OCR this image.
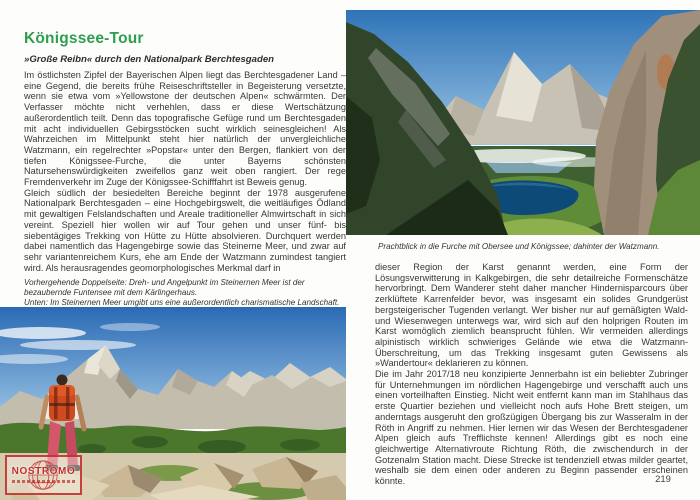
Königssee-Tour
»Große Reibn« durch den Nationalpark Berchtesgaden

Im östlichsten Zipfel der Bayerischen Alpen liegt das Berchtesgadener Land – eine Gegend, die bereits frühe Reiseschriftsteller in Begeisterung versetzte, wenn sie etwa vom »Yellowstone der deutschen Alpen« schwärmten. Der Verfasser möchte nicht verhehlen, dass er diese Wertschätzung außerordentlich teilt. Denn das topografische Gefüge rund um Berchtesgaden mit acht individuellen Gebirgsstöcken sucht wirklich seinesgleichen! Als Wahrzeichen im Mittelpunkt steht hier natürlich der unvergleichliche Watzmann, ein regelrechter »Popstar« unter den Bergen, flankiert von der tiefen Königssee-Furche, die unter Bayerns schönsten Natursehenswürdigkeiten zweifellos ganz weit oben rangiert. Der rege Fremdenverkehr im Zuge der Königssee-Schifffahrt ist Beweis genug.

Gleich südlich der besiedelten Bereiche beginnt der 1978 ausgerufene Nationalpark Berchtesgaden – eine Hochgebirgswelt, die weitläufiges Ödland mit gewaltigen Felslandschaften und Areale traditioneller Almwirtschaft in sich vereint. Speziell hier wollen wir auf Tour gehen und unser fünf- bis siebentägiges Trekking von Hütte zu Hütte absolvieren. Durchquert werden dabei namentlich das Hagengebirge sowie das Steinerne Meer, und zwar auf sehr variantenreichem Kurs, ehe am Ende der Watzmann zumindest tangiert wird. Als herausragendes geomorphologisches Merkmal darf in

Vorhergehende Doppelseite: Dreh- und Angelpunkt im Steinernen Meer ist der bezaubernde Funtensee mit dem Kärlingerhaus.
Unten: Im Steinernen Meer umgibt uns eine außerordentlich charismatische Landschaft.
Prachtblick in die Furche mit Obersee und Königssee; dahinter der Watzmann.

dieser Region der Karst genannt werden, eine Form der Lösungsverwitterung in Kalkgebirgen, die sehr detailreiche Formenschätze hervorbringt. Dem Wanderer steht daher mancher Hindernisparcours über zerklüftete Karrenfelder bevor, was insgesamt ein solides Grundgerüst bergsteigerischer Tugenden verlangt. Wer bisher nur auf gemäßigten Wald- und Wiesenwegen unterwegs war, wird sich auf den holprigen Routen im Karst womöglich ziemlich beansprucht fühlen. Wir vermeiden allerdings alpinistisch wirklich schwieriges Gelände wie etwa die Watzmann-Überschreitung, um das Trekking insgesamt guten Gewissens als »Wandertour« deklarieren zu können.

Die im Jahr 2017/18 neu konzipierte Jennerbahn ist ein beliebter Zubringer für Unternehmungen im nördlichen Hagengebirge und verschafft auch uns einen vorteilhaften Einstieg. Nicht weit entfernt kann man im Stahlhaus das erste Quartier beziehen und vielleicht noch aufs Hohe Brett steigen, um anderntags ausgeruht den großzügigen Übergang bis zur Wasseralm in der Röth in Angriff zu nehmen. Hier lernen wir das Wesen der Berchtesgadener Alpen gleich aufs Trefflichste kennen! Allerdings gibt es noch eine gleichwertige Alternativroute Richtung Röth, die zwischendurch in der Gotzenalm Station macht. Diese Strecke ist tendenziell etwas milder geartet, weshalb sie dem einen oder anderen zu Beginn passender erscheinen könnte.

NOSTROMO
219
